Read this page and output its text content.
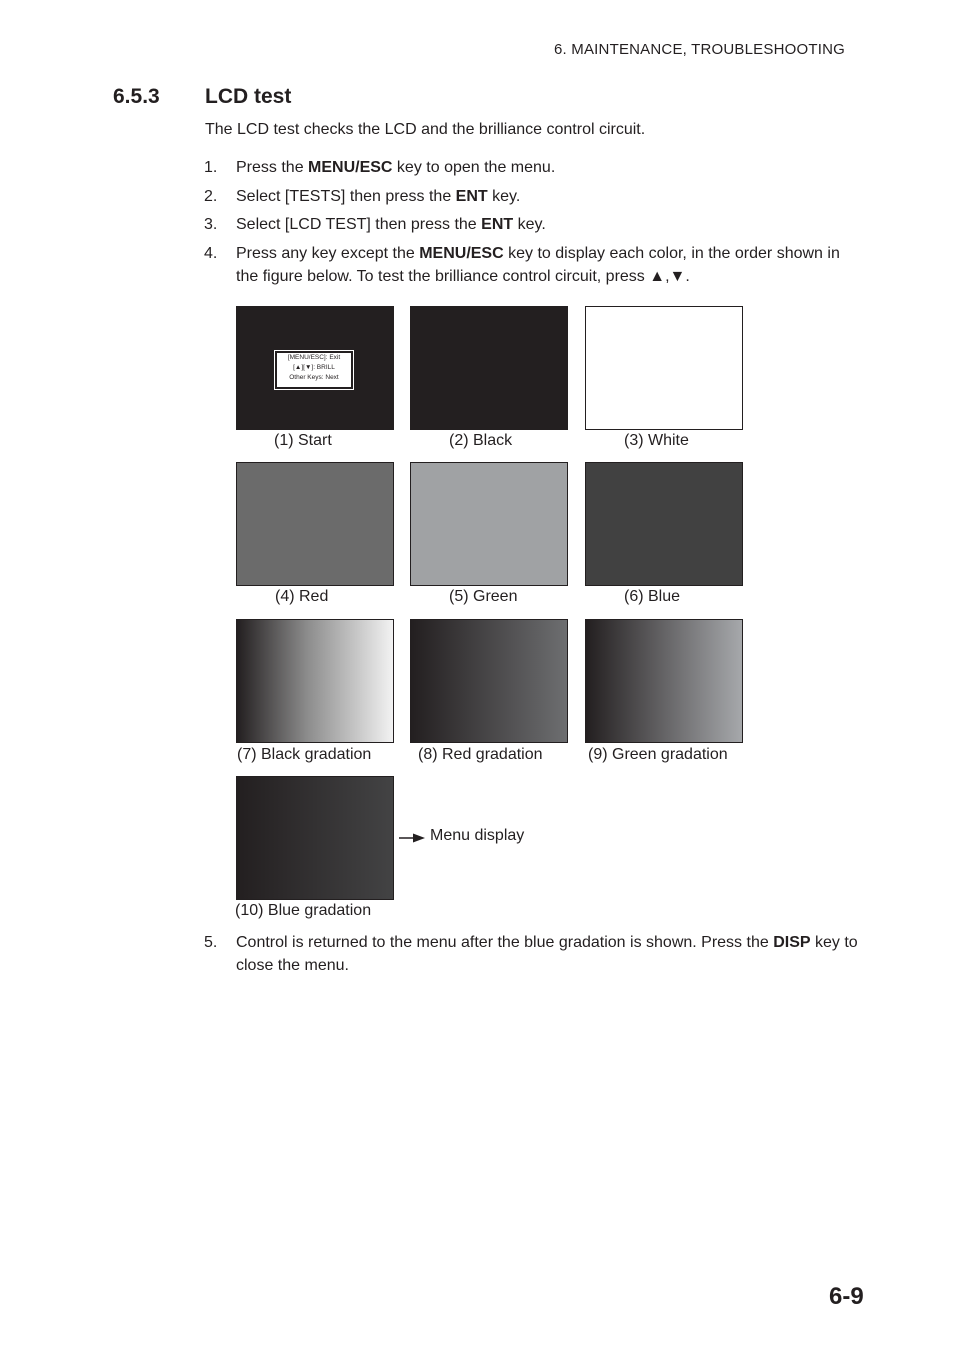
6. MAINTENANCE, TROUBLESHOOTING
6.5.3 LCD test
The LCD test checks the LCD and the brilliance control circuit.
1. Press the MENU/ESC key to open the menu.
2. Select [TESTS] then press the ENT key.
3. Select [LCD TEST] then press the ENT key.
4. Press any key except the MENU/ESC key to display each color, in the order shown in the figure below. To test the brilliance control circuit, press ▲,▼.
[MENU/ESC]: Exit
[▲][▼]: BRILL
Other Keys: Next
(1) Start	(2) Black	(3) White
(4) Red	(5) Green	(6) Blue
(7) Black gradation	(8) Red gradation	(9) Green gradation
Menu display
(10) Blue gradation
5. Control is returned to the menu after the blue gradation is shown. Press the DISP key to close the menu.
6-9
